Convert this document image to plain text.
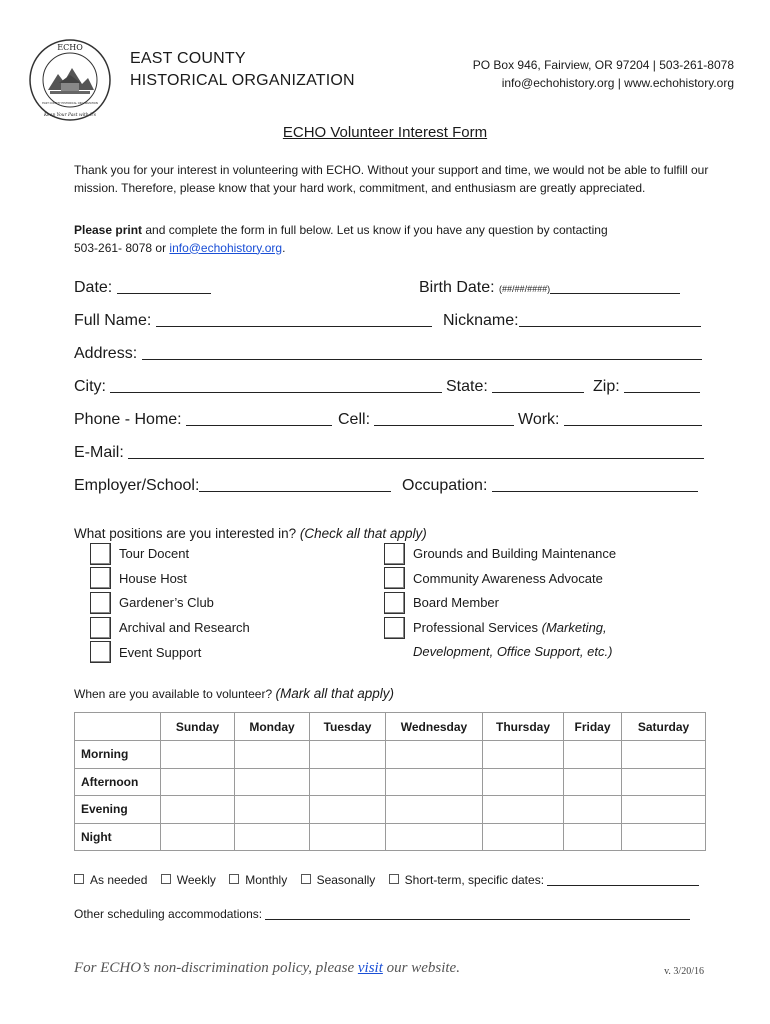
ECHO
Keep Your Past with Us
EAST COUNTY HISTORICAL ORGANIZATION
EAST COUNTY
HISTORICAL ORGANIZATION
PO Box 946, Fairview, OR 97204 | 503-261-8078
info@echohistory.org | www.echohistory.org
ECHO Volunteer Interest Form
Thank you for your interest in volunteering with ECHO. Without your support and time, we would not be able to fulfill our mission. Therefore, please know that your hard work, commitment, and enthusiasm are greatly appreciated.
Please print and complete the form in full below. Let us know if you have any question by contacting
503-261- 8078 or info@echohistory.org.
Date:	Birth Date: (##/##/####)
Full Name:	Nickname:
Address:
City:	State:	Zip:
Phone - Home:	Cell:	Work:
E-Mail:
Employer/School:	Occupation:
What positions are you interested in? (Check all that apply)
Tour Docent
House Host
Gardener’s Club
Archival and Research
Event Support
Grounds and Building Maintenance
Community Awareness Advocate
Board Member
Professional Services (Marketing,
Development, Office Support, etc.)
When are you available to volunteer? (Mark all that apply)
	Sunday	Monday	Tuesday	Wednesday	Thursday	Friday	Saturday
Morning							
Afternoon							
Evening							
Night							
As needed Weekly Monthly Seasonally Short-term, specific dates:
Other scheduling accommodations:
For ECHO’s non-discrimination policy, please visit our website.	v. 3/20/16
